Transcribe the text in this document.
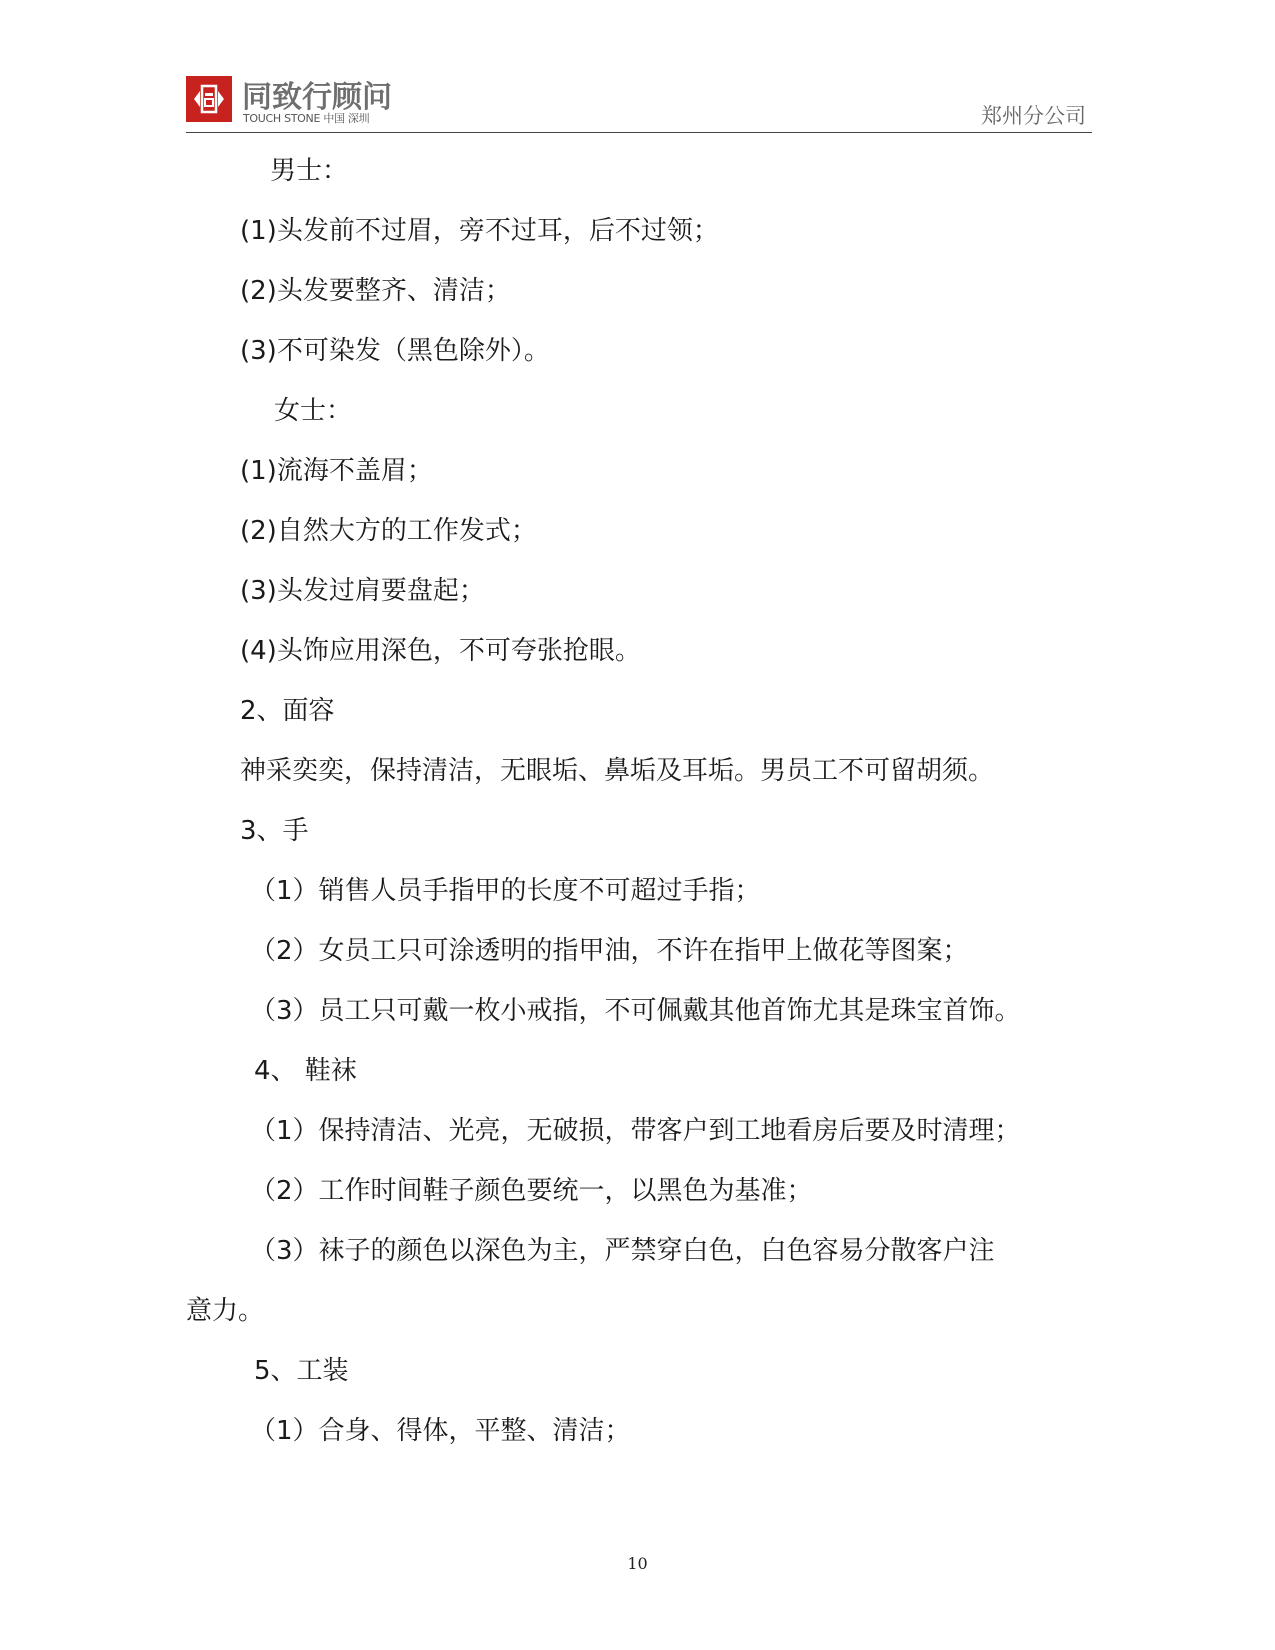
同致行顾问
TOUCH STONE 中国 深圳	郑州分公司
男士：
(1)头发前不过眉，旁不过耳，后不过领；
(2)头发要整齐、清洁；
(3)不可染发（黑色除外）。
女士：
(1)流海不盖眉；
(2)自然大方的工作发式；
(3)头发过肩要盘起；
(4)头饰应用深色，不可夸张抢眼。
2、面容
神采奕奕，保持清洁，无眼垢、鼻垢及耳垢。男员工不可留胡须。
3、手
（1）销售人员手指甲的长度不可超过手指；
（2）女员工只可涂透明的指甲油，不许在指甲上做花等图案；
（3）员工只可戴一枚小戒指，不可佩戴其他首饰尤其是珠宝首饰。
4、 鞋袜
（1）保持清洁、光亮，无破损，带客户到工地看房后要及时清理；
（2）工作时间鞋子颜色要统一，以黑色为基准；
（3）袜子的颜色以深色为主，严禁穿白色，白色容易分散客户注
意力。
5、工装
（1）合身、得体，平整、清洁；
10
